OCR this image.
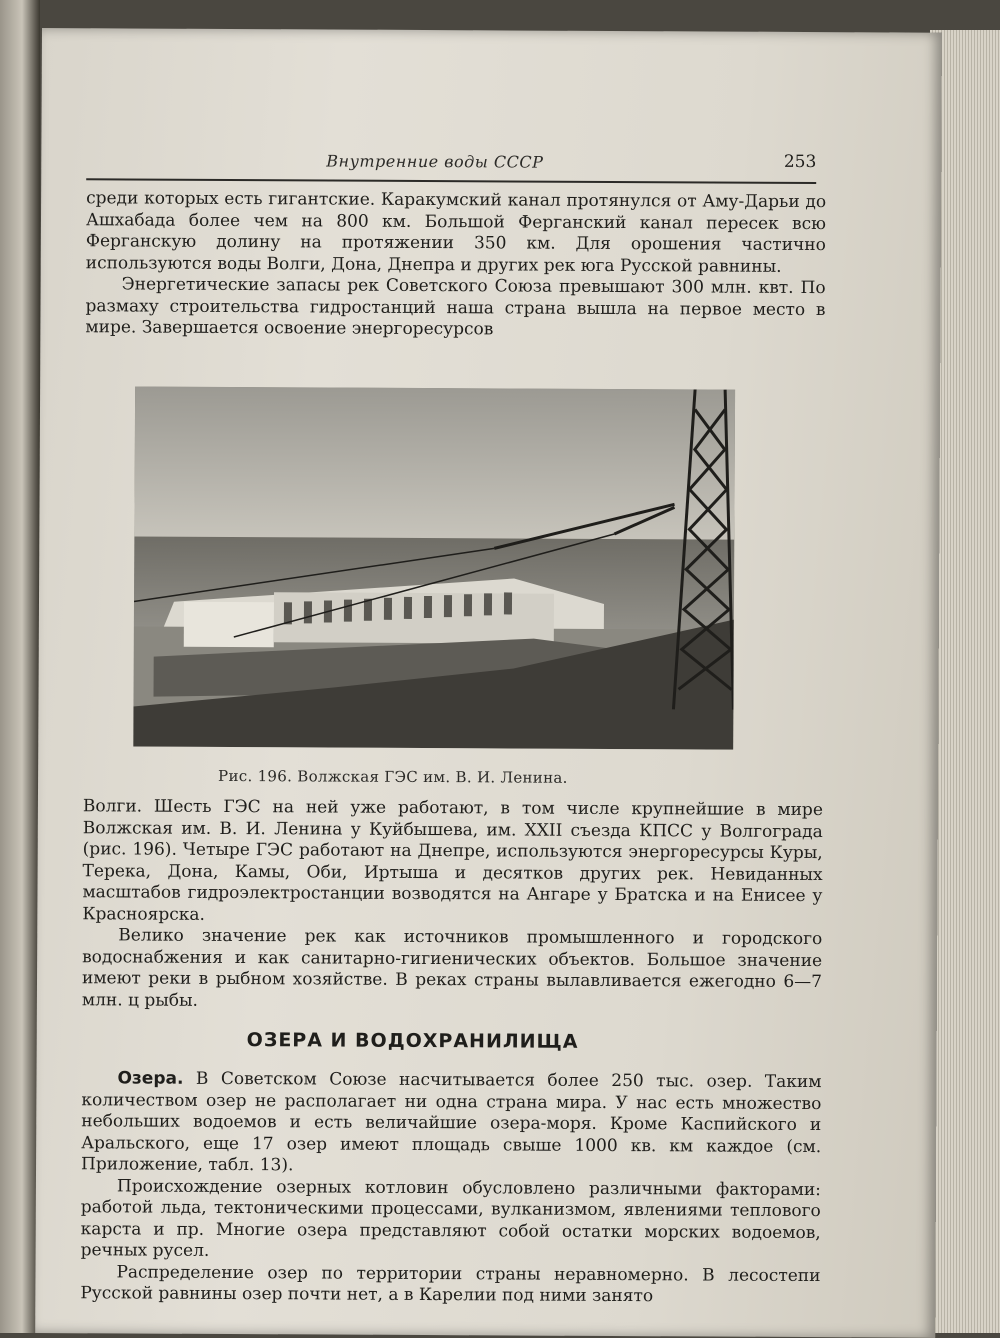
Внутренние воды СССР	253

среди которых есть гигантские. Каракумский канал протянулся от Аму-Дарьи до Ашхабада более чем на 800 км. Большой Ферганский канал пересек всю Ферганскую долину на протяжении 350 км. Для орошения частично используются воды Волги, Дона, Днепра и других рек юга Русской равнины.

Энергетические запасы рек Советского Союза превышают 300 млн. квт. По размаху строительства гидростанций наша страна вышла на первое место в мире. Завершается освоение энергоресурсов

Рис. 196. Волжская ГЭС им. В. И. Ленина.

Волги. Шесть ГЭС на ней уже работают, в том числе крупнейшие в мире Волжская им. В. И. Ленина у Куйбышева, им. XXII съезда КПСС у Волгограда (рис. 196). Четыре ГЭС работают на Днепре, используются энергоресурсы Куры, Терека, Дона, Камы, Оби, Иртыша и десятков других рек. Невиданных масштабов гидроэлектростанции возводятся на Ангаре у Братска и на Енисее у Красноярска.

Велико значение рек как источников промышленного и городского водоснабжения и как санитарно-гигиенических объектов. Большое значение имеют реки в рыбном хозяйстве. В реках страны вылавливается ежегодно 6—7 млн. ц рыбы.

ОЗЕРА И ВОДОХРАНИЛИЩА

Озера. В Советском Союзе насчитывается более 250 тыс. озер. Таким количеством озер не располагает ни одна страна мира. У нас есть множество небольших водоемов и есть величайшие озера-моря. Кроме Каспийского и Аральского, еще 17 озер имеют площадь свыше 1000 кв. км каждое (см. Приложение, табл. 13).

Происхождение озерных котловин обусловлено различными факторами: работой льда, тектоническими процессами, вулканизмом, явлениями теплового карста и пр. Многие озера представляют собой остатки морских водоемов, речных русел.

Распределение озер по территории страны неравномерно. В лесостепи Русской равнины озер почти нет, а в Карелии под ними занято
